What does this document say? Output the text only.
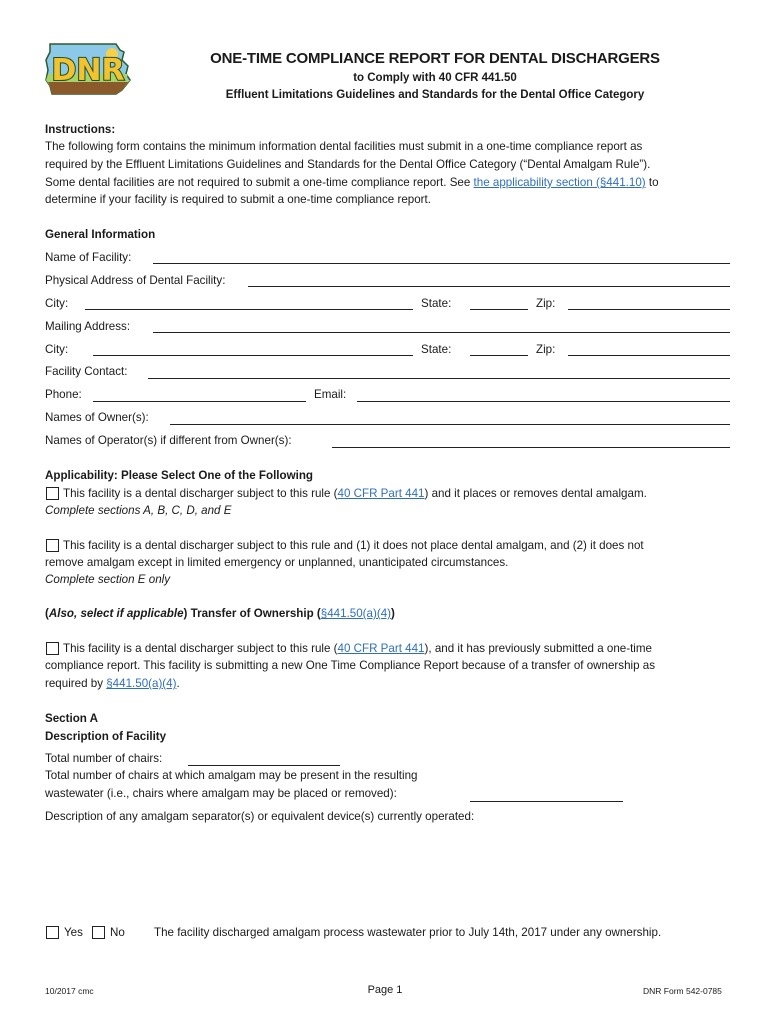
DNR	ONE-TIME COMPLIANCE REPORT FOR DENTAL DISCHARGERS
to Comply with 40 CFR 441.50
Effluent Limitations Guidelines and Standards for the Dental Office Category
Instructions:
The following form contains the minimum information dental facilities must submit in a one-time compliance report as
required by the Effluent Limitations Guidelines and Standards for the Dental Office Category (“Dental Amalgam Rule”).
Some dental facilities are not required to submit a one-time compliance report. See the applicability section (§441.10) to
determine if your facility is required to submit a one-time compliance report.
General Information
Name of Facility:
Physical Address of Dental Facility:
City:	State:	Zip:
Mailing Address:
City:	State:	Zip:
Facility Contact:
Phone:	Email:
Names of Owner(s):
Names of Operator(s) if different from Owner(s):
Applicability: Please Select One of the Following
This facility is a dental discharger subject to this rule (40 CFR Part 441) and it places or removes dental amalgam.
Complete sections A, B, C, D, and E
This facility is a dental discharger subject to this rule and (1) it does not place dental amalgam, and (2) it does not
remove amalgam except in limited emergency or unplanned, unanticipated circumstances.
Complete section E only
(Also, select if applicable) Transfer of Ownership (§441.50(a)(4))
This facility is a dental discharger subject to this rule (40 CFR Part 441), and it has previously submitted a one-time
compliance report. This facility is submitting a new One Time Compliance Report because of a transfer of ownership as
required by §441.50(a)(4).
Section A
Description of Facility
Total number of chairs:
Total number of chairs at which amalgam may be present in the resulting
wastewater (i.e., chairs where amalgam may be placed or removed):
Description of any amalgam separator(s) or equivalent device(s) currently operated:
Yes No	The facility discharged amalgam process wastewater prior to July 14th, 2017 under any ownership.
10/2017 cmc	Page 1	DNR Form 542-0785
